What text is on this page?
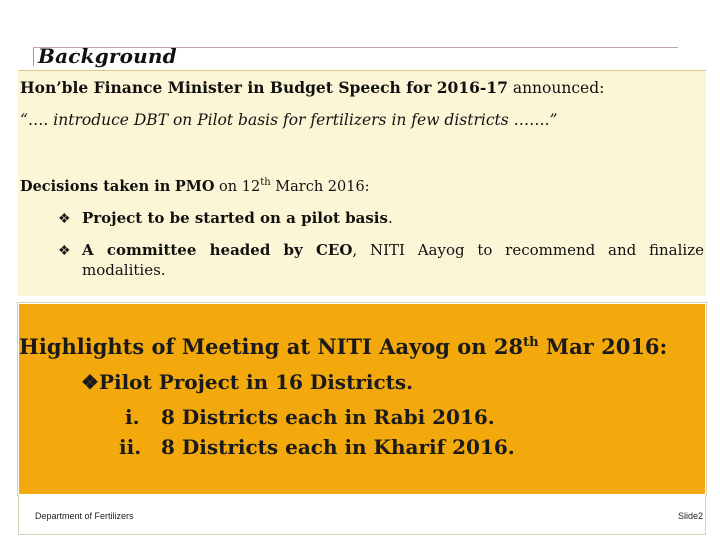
Background
Hon’ble Finance Minister in Budget Speech for 2016-17 announced:
“…. introduce DBT on Pilot basis for fertilizers in few districts …….”
Decisions taken in PMO on 12th March 2016:
❖ Project to be started on a pilot basis.
❖ A committee headed by CEO, NITI Aayog to recommend and finalize modalities.
Highlights of Meeting at NITI Aayog on 28th Mar 2016:
❖Pilot Project in 16 Districts.
i. 8 Districts each in Rabi 2016.
ii. 8 Districts each in Kharif 2016.
Department of Fertilizers	Slide2
